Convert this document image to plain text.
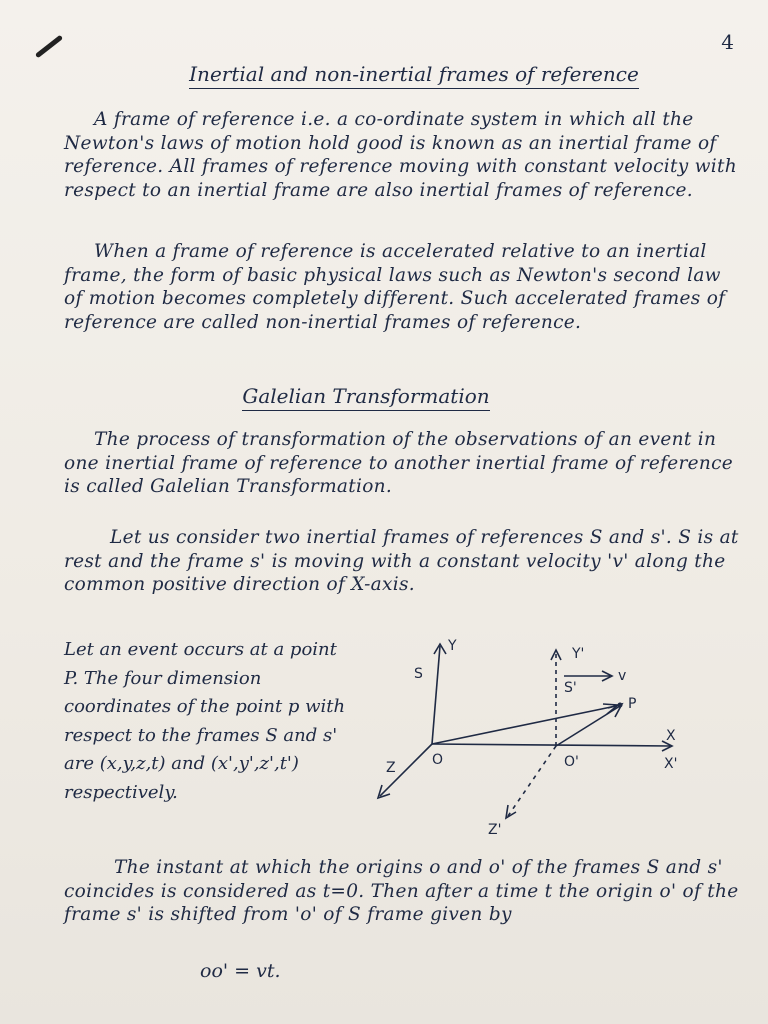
4
Inertial and non-inertial frames of reference

A frame of reference i.e. a co-ordinate system in which all the Newton's laws of motion hold good is known as an inertial frame of reference. All frames of reference moving with constant velocity with respect to an inertial frame are also inertial frames of reference.

When a frame of reference is accelerated relative to an inertial frame, the form of basic physical laws such as Newton's second law of motion becomes completely different. Such accelerated frames of reference are called non-inertial frames of reference.

Galelian Transformation

The process of transformation of the observations of an event in one inertial frame of reference to another inertial frame of reference is called Galelian Transformation.

Let us consider two inertial frames of references S and s'. S is at rest and the frame s' is moving with a constant velocity 'v' along the common positive direction of X-axis.

Let an event occurs at a point P. The four dimension coordinates of the point p with respect to the frames S and s' are (x,y,z,t) and (x',y',z',t') respectively.
Y
S
Y'
S'
v
P
X
X'
O	O'
Z
Z'

The instant at which the origins o and o' of the frames S and s' coincides is considered as t=0. Then after a time t the origin o' of the frame s' is shifted from 'o' of S frame given by

oo' = vt.
